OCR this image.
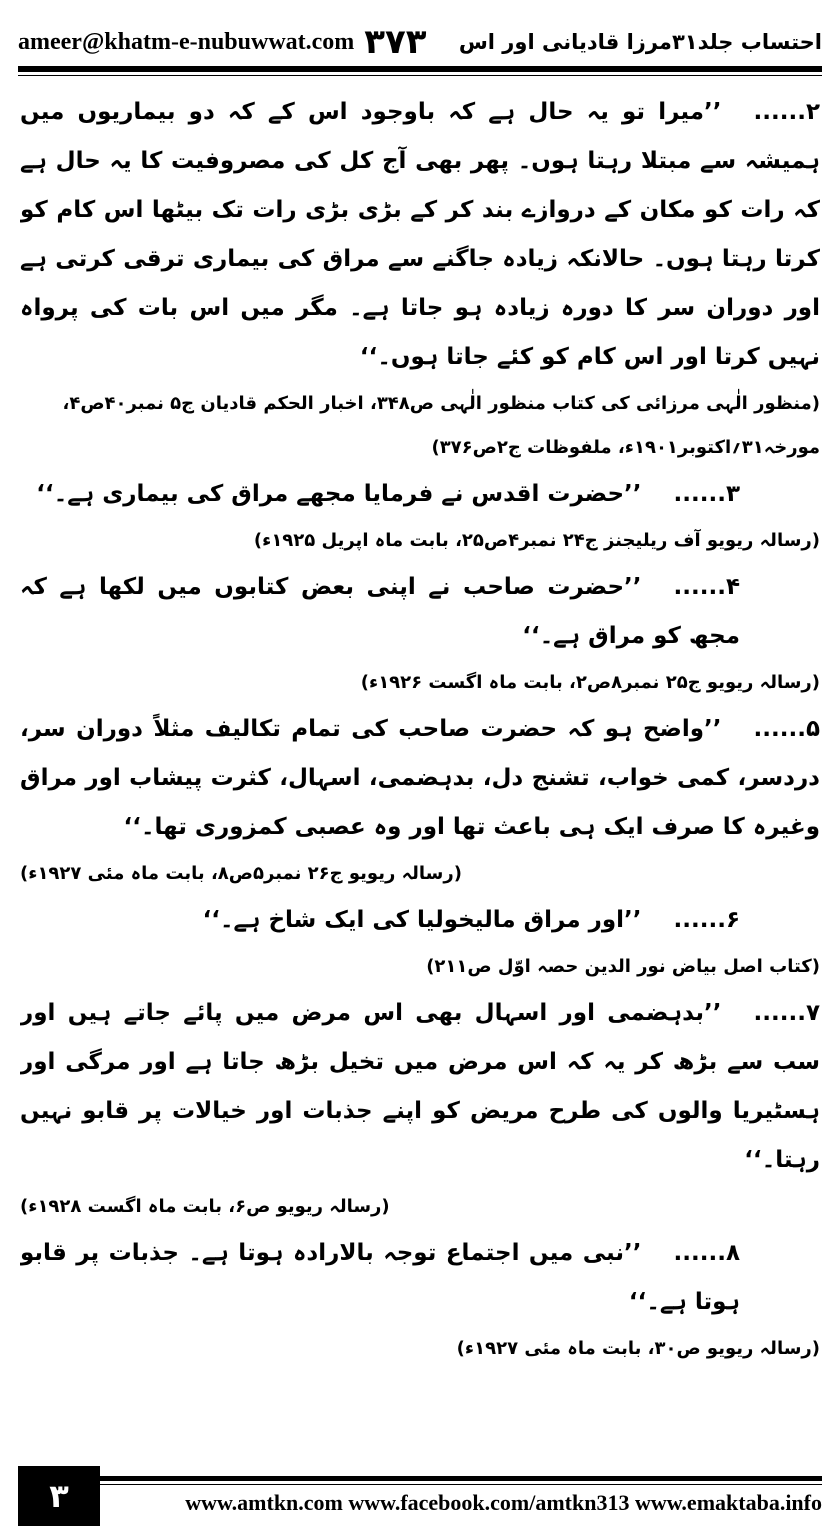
ameer@khatm-e-nubuwwat.com ۳۷۳ احتساب جلد۳۱مرزا قادیانی اور اس
۲......’’میرا تو یہ حال ہے کہ باوجود اس کے کہ دو بیماریوں میں ہمیشہ سے مبتلا رہتا ہوں۔ پھر بھی آج کل کی مصروفیت کا یہ حال ہے کہ رات کو مکان کے دروازے بند کر کے بڑی بڑی رات تک بیٹھا اس کام کو کرتا رہتا ہوں۔ حالانکہ زیادہ جاگنے سے مراق کی بیماری ترقی کرتی ہے اور دوران سر کا دورہ زیادہ ہو جاتا ہے۔ مگر میں اس بات کی پرواہ نہیں کرتا اور اس کام کو کئے جاتا ہوں۔‘‘
(منظور الٰہی مرزائی کی کتاب منظور الٰہی ص۳۴۸، اخبار الحکم قادیان ج۵ نمبر۴۰ص۴، مورخہ۳۱؍اکتوبر۱۹۰۱ء، ملفوظات ج۲ص۳۷۶)
۳......’’حضرت اقدس نے فرمایا مجھے مراق کی بیماری ہے۔‘‘
(رسالہ ریویو آف ریلیجنز ج۲۴ نمبر۴ص۲۵، بابت ماہ اپریل ۱۹۲۵ء)
۴......’’حضرت صاحب نے اپنی بعض کتابوں میں لکھا ہے کہ مجھ کو مراق ہے۔‘‘
(رسالہ ریویو ج۲۵ نمبر۸ص۲، بابت ماہ اگست ۱۹۲۶ء)
۵......’’واضح ہو کہ حضرت صاحب کی تمام تکالیف مثلاً دوران سر، دردسر، کمی خواب، تشنج دل، بدہضمی، اسہال، کثرت پیشاب اور مراق وغیرہ کا صرف ایک ہی باعث تھا اور وہ عصبی کمزوری تھا۔‘‘
(رسالہ ریویو ج۲۶ نمبر۵ص۸، بابت ماہ مئی ۱۹۲۷ء)
۶......’’اور مراق مالیخولیا کی ایک شاخ ہے۔‘‘
(کتاب اصل بیاض نور الدین حصہ اوّل ص۲۱۱)
۷......’’بدہضمی اور اسہال بھی اس مرض میں پائے جاتے ہیں اور سب سے بڑھ کر یہ کہ اس مرض میں تخیل بڑھ جاتا ہے اور مرگی اور ہسٹیریا والوں کی طرح مریض کو اپنے جذبات اور خیالات پر قابو نہیں رہتا۔‘‘
(رسالہ ریویو ص۶، بابت ماہ اگست ۱۹۲۸ء)
۸......’’نبی میں اجتماع توجہ بالارادہ ہوتا ہے۔ جذبات پر قابو ہوتا ہے۔‘‘
(رسالہ ریویو ص۳۰، بابت ماہ مئی ۱۹۲۷ء)
۳	www.amtkn.com www.facebook.com/amtkn313 www.emaktaba.info
